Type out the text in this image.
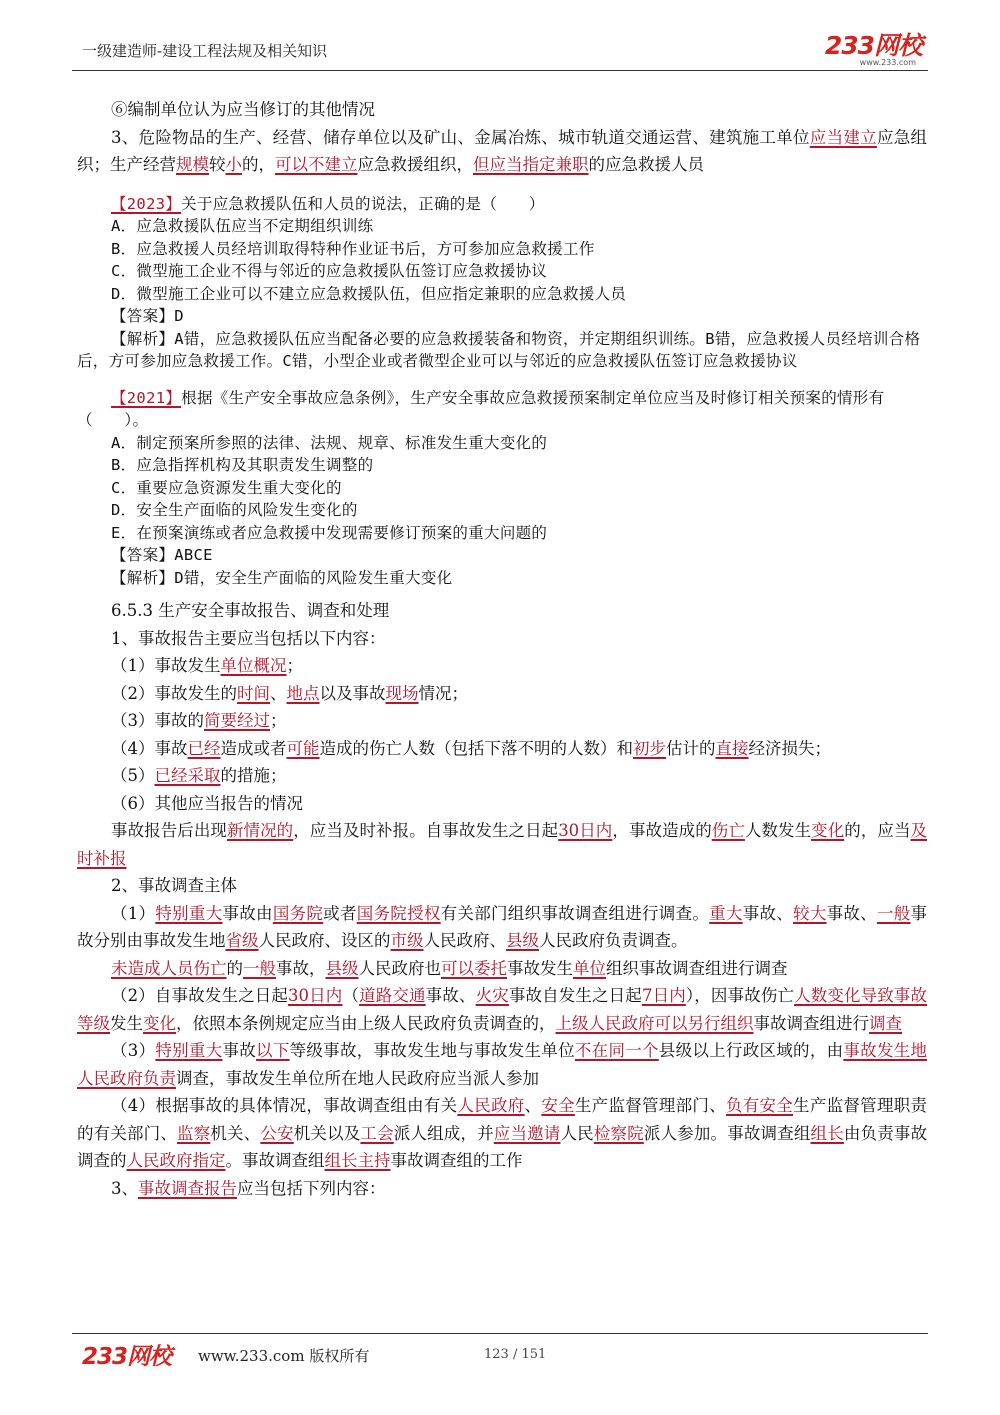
一级建造师-建设工程法规及相关知识	233网校
www.233.com

⑥编制单位认为应当修订的其他情况

3、危险物品的生产、经营、储存单位以及矿山、金属冶炼、城市轨道交通运营、建筑施工单位应当建立应急组织；生产经营规模较小的，可以不建立应急救援组织，但应当指定兼职的应急救援人员

【2023】关于应急救援队伍和人员的说法，正确的是（　　）

A．应急救援队伍应当不定期组织训练

B．应急救援人员经培训取得特种作业证书后，方可参加应急救援工作

C．微型施工企业不得与邻近的应急救援队伍签订应急救援协议

D．微型施工企业可以不建立应急救援队伍，但应指定兼职的应急救援人员

【答案】D

【解析】A错，应急救援队伍应当配备必要的应急救援装备和物资，并定期组织训练。B错，应急救援人员经培训合格后，方可参加应急救援工作。C错，小型企业或者微型企业可以与邻近的应急救援队伍签订应急救援协议

【2021】根据《生产安全事故应急条例》，生产安全事故应急救援预案制定单位应当及时修订相关预案的情形有（　　）。

A．制定预案所参照的法律、法规、规章、标准发生重大变化的

B．应急指挥机构及其职责发生调整的

C．重要应急资源发生重大变化的

D．安全生产面临的风险发生变化的

E．在预案演练或者应急救援中发现需要修订预案的重大问题的

【答案】ABCE

【解析】D错，安全生产面临的风险发生重大变化

6.5.3 生产安全事故报告、调查和处理

1、事故报告主要应当包括以下内容：

（1）事故发生单位概况；

（2）事故发生的时间、地点以及事故现场情况；

（3）事故的简要经过；

（4）事故已经造成或者可能造成的伤亡人数（包括下落不明的人数）和初步估计的直接经济损失；

（5）已经采取的措施；

（6）其他应当报告的情况

事故报告后出现新情况的，应当及时补报。自事故发生之日起30日内，事故造成的伤亡人数发生变化的，应当及时补报

2、事故调查主体

（1）特别重大事故由国务院或者国务院授权有关部门组织事故调查组进行调查。重大事故、较大事故、一般事故分别由事故发生地省级人民政府、设区的市级人民政府、县级人民政府负责调查。

未造成人员伤亡的一般事故，县级人民政府也可以委托事故发生单位组织事故调查组进行调查

（2）自事故发生之日起30日内（道路交通事故、火灾事故自发生之日起7日内），因事故伤亡人数变化导致事故等级发生变化，依照本条例规定应当由上级人民政府负责调查的，上级人民政府可以另行组织事故调查组进行调查

（3）特别重大事故以下等级事故，事故发生地与事故发生单位不在同一个县级以上行政区域的，由事故发生地人民政府负责调查，事故发生单位所在地人民政府应当派人参加

（4）根据事故的具体情况，事故调查组由有关人民政府、安全生产监督管理部门、负有安全生产监督管理职责的有关部门、监察机关、公安机关以及工会派人组成，并应当邀请人民检察院派人参加。事故调查组组长由负责事故调查的人民政府指定。事故调查组组长主持事故调查组的工作

3、事故调查报告应当包括下列内容：

233网校 www.233.com 版权所有	123 / 151
